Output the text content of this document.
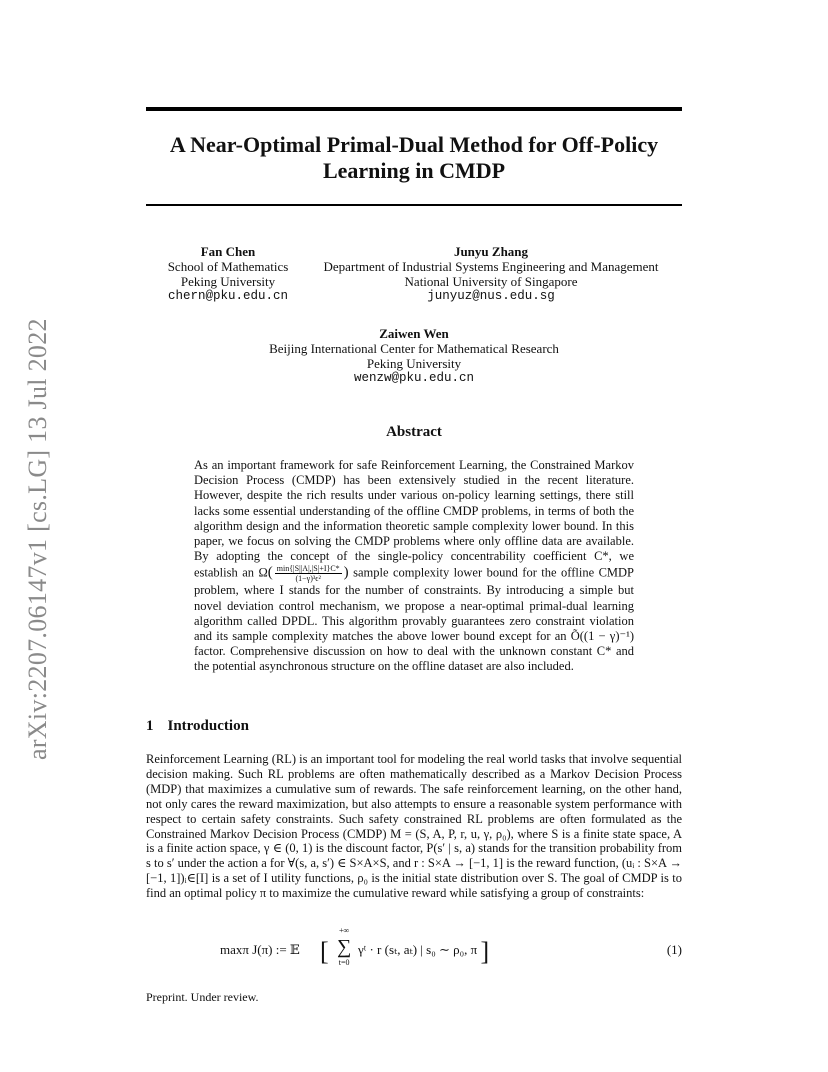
arXiv:2207.06147v1 [cs.LG] 13 Jul 2022
A Near-Optimal Primal-Dual Method for Off-Policy Learning in CMDP
Fan Chen
School of Mathematics
Peking University
chern@pku.edu.cn
Junyu Zhang
Department of Industrial Systems Engineering and Management
National University of Singapore
junyuz@nus.edu.sg
Zaiwen Wen
Beijing International Center for Mathematical Research
Peking University
wenzw@pku.edu.cn
Abstract

As an important framework for safe Reinforcement Learning, the Constrained Markov Decision Process (CMDP) has been extensively studied in the recent literature. However, despite the rich results under various on-policy learning settings, there still lacks some essential understanding of the offline CMDP problems, in terms of both the algorithm design and the information theoretic sample complexity lower bound. In this paper, we focus on solving the CMDP problems where only offline data are available. By adopting the concept of the single-policy concentrability coefficient C*, we establish an $\Omega( \frac{\min\{|S||A|,|S|+I\}C*}{\text{(1−γ)³ϵ²}}$ ) sample complexity lower bound for the offline CMDP problem, where I stands for the number of constraints. By introducing a simple but novel deviation control mechanism, we propose a near-optimal primal-dual learning algorithm called DPDL. This algorithm provably guarantees zero constraint violation and its sample complexity matches the above lower bound except for an Õ((1 − γ)⁻¹) factor. Comprehensive discussion on how to deal with the unknown constant C* and the potential asynchronous structure on the offline dataset are also included.

1 Introduction

Reinforcement Learning (RL) is an important tool for modeling the real world tasks that involve sequential decision making. Such RL problems are often mathematically described as a Markov Decision Process (MDP) that maximizes a cumulative sum of rewards. The safe reinforcement learning, on the other hand, not only cares the reward maximization, but also attempts to ensure a reasonable system performance with respect to certain safety constraints. Such safety constrained RL problems are often formulated as the Constrained Markov Decision Process (CMDP) M = (S, A, P, r, u, γ, ρ₀), where S is a finite state space, A is a finite action space, γ ∈ (0, 1) is the discount factor, P(s′ | s, a) stands for the transition probability from s to s′ under the action a for ∀(s, a, s′) ∈ S×A×S, and r : S×A → [−1, 1] is the reward function, (uᵢ : S×A → [−1, 1])ᵢ∈[I] is a set of I utility functions, ρ₀ is the initial state distribution over S. The goal of CMDP is to find an optimal policy π to maximize the cumulative reward while satisfying a group of constraints:

maxπ J(π) := 𝔼
+∞
∑
t=0
[ γᵗ · r (sₜ, aₜ) | s₀ ∼ ρ₀, π ]	(1)
Preprint. Under review.
